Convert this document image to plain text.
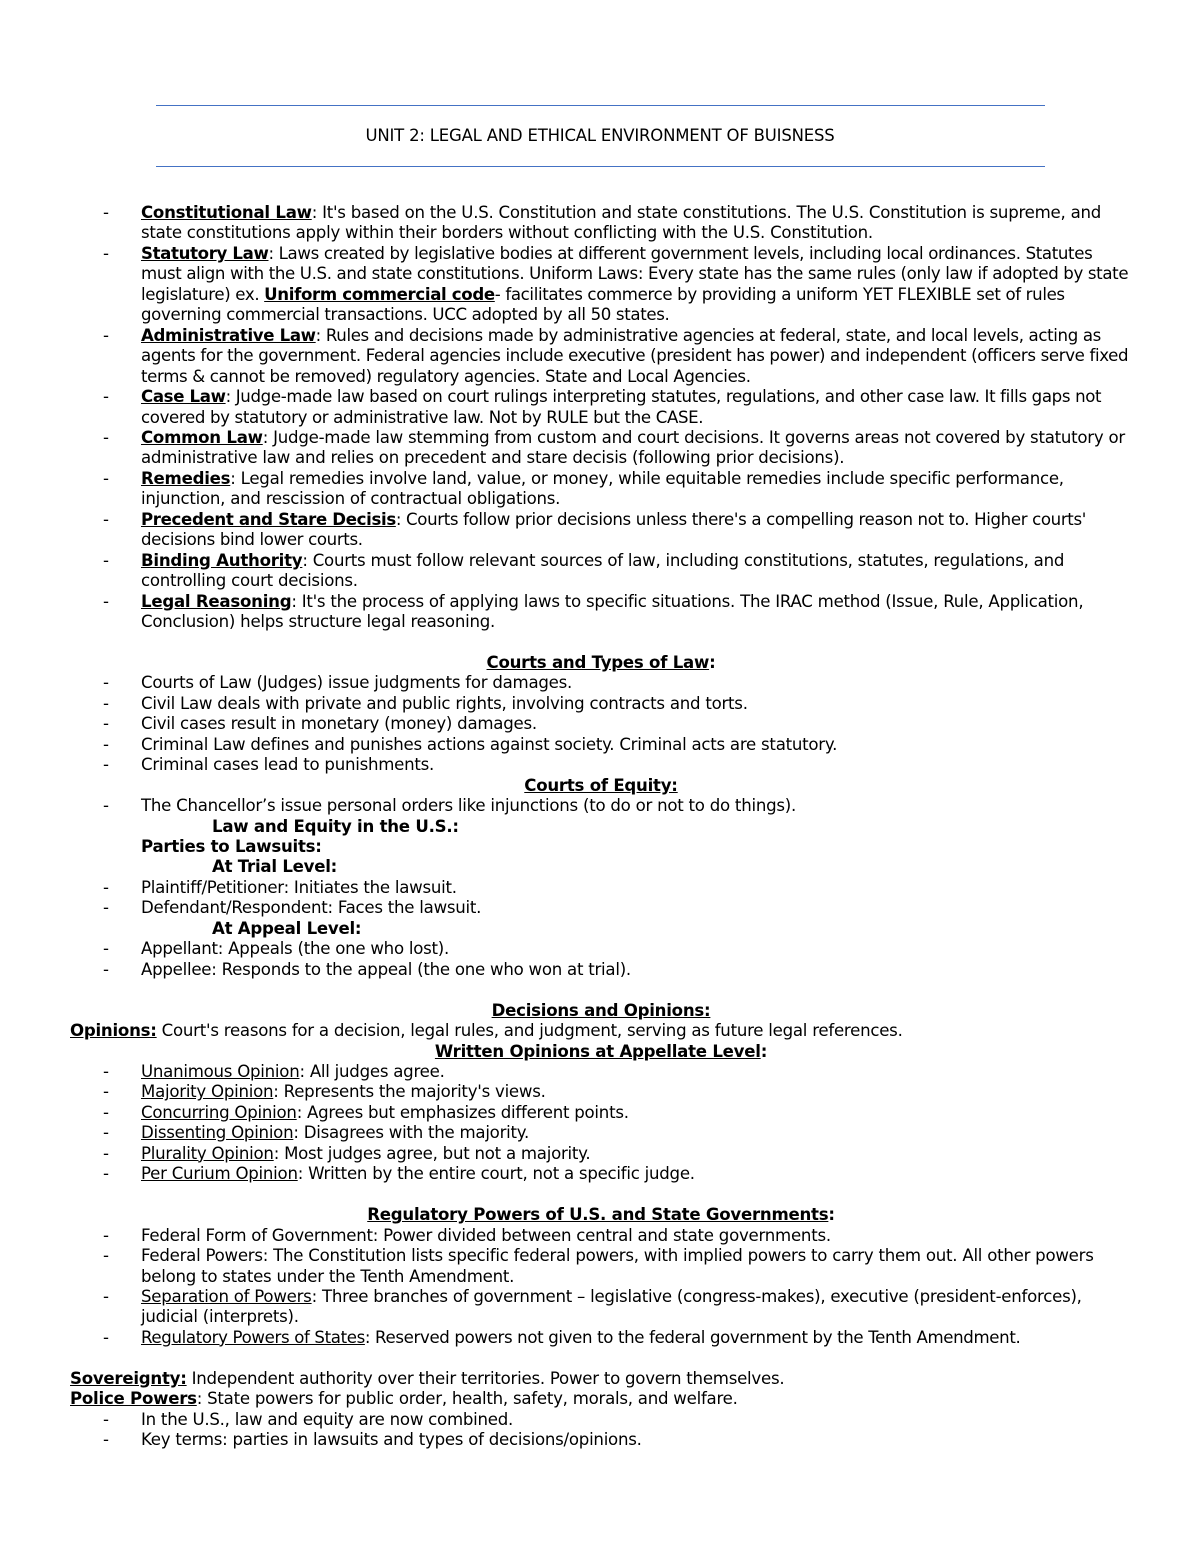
UNIT 2: LEGAL AND ETHICAL ENVIRONMENT OF BUISNESS
- Constitutional Law: It's based on the U.S. Constitution and state constitutions. The U.S. Constitution is supreme, and state constitutions apply within their borders without conflicting with the U.S. Constitution.
- Statutory Law: Laws created by legislative bodies at different government levels, including local ordinances. Statutes must align with the U.S. and state constitutions. Uniform Laws: Every state has the same rules (only law if adopted by state legislature) ex. Uniform commercial code- facilitates commerce by providing a uniform YET FLEXIBLE set of rules governing commercial transactions. UCC adopted by all 50 states.
- Administrative Law: Rules and decisions made by administrative agencies at federal, state, and local levels, acting as agents for the government. Federal agencies include executive (president has power) and independent (officers serve fixed terms & cannot be removed) regulatory agencies. State and Local Agencies.
- Case Law: Judge-made law based on court rulings interpreting statutes, regulations, and other case law. It fills gaps not covered by statutory or administrative law. Not by RULE but the CASE.
- Common Law: Judge-made law stemming from custom and court decisions. It governs areas not covered by statutory or administrative law and relies on precedent and stare decisis (following prior decisions).
- Remedies: Legal remedies involve land, value, or money, while equitable remedies include specific performance, injunction, and rescission of contractual obligations.
- Precedent and Stare Decisis: Courts follow prior decisions unless there's a compelling reason not to. Higher courts' decisions bind lower courts.
- Binding Authority: Courts must follow relevant sources of law, including constitutions, statutes, regulations, and controlling court decisions.
- Legal Reasoning: It's the process of applying laws to specific situations. The IRAC method (Issue, Rule, Application, Conclusion) helps structure legal reasoning.
Courts and Types of Law:
- Courts of Law (Judges) issue judgments for damages.
- Civil Law deals with private and public rights, involving contracts and torts.
- Civil cases result in monetary (money) damages.
- Criminal Law defines and punishes actions against society. Criminal acts are statutory.
- Criminal cases lead to punishments.
Courts of Equity:
- The Chancellor’s issue personal orders like injunctions (to do or not to do things).
Law and Equity in the U.S.:
Parties to Lawsuits:
At Trial Level:
- Plaintiff/Petitioner: Initiates the lawsuit.
- Defendant/Respondent: Faces the lawsuit.
At Appeal Level:
- Appellant: Appeals (the one who lost).
- Appellee: Responds to the appeal (the one who won at trial).
Decisions and Opinions:
Opinions: Court's reasons for a decision, legal rules, and judgment, serving as future legal references.
Written Opinions at Appellate Level:
- Unanimous Opinion: All judges agree.
- Majority Opinion: Represents the majority's views.
- Concurring Opinion: Agrees but emphasizes different points.
- Dissenting Opinion: Disagrees with the majority.
- Plurality Opinion: Most judges agree, but not a majority.
- Per Curium Opinion: Written by the entire court, not a specific judge.
Regulatory Powers of U.S. and State Governments:
- Federal Form of Government: Power divided between central and state governments.
- Federal Powers: The Constitution lists specific federal powers, with implied powers to carry them out. All other powers belong to states under the Tenth Amendment.
- Separation of Powers: Three branches of government – legislative (congress-makes), executive (president-enforces), judicial (interprets).
- Regulatory Powers of States: Reserved powers not given to the federal government by the Tenth Amendment.
Sovereignty: Independent authority over their territories. Power to govern themselves.
Police Powers: State powers for public order, health, safety, morals, and welfare.
- In the U.S., law and equity are now combined.
- Key terms: parties in lawsuits and types of decisions/opinions.
